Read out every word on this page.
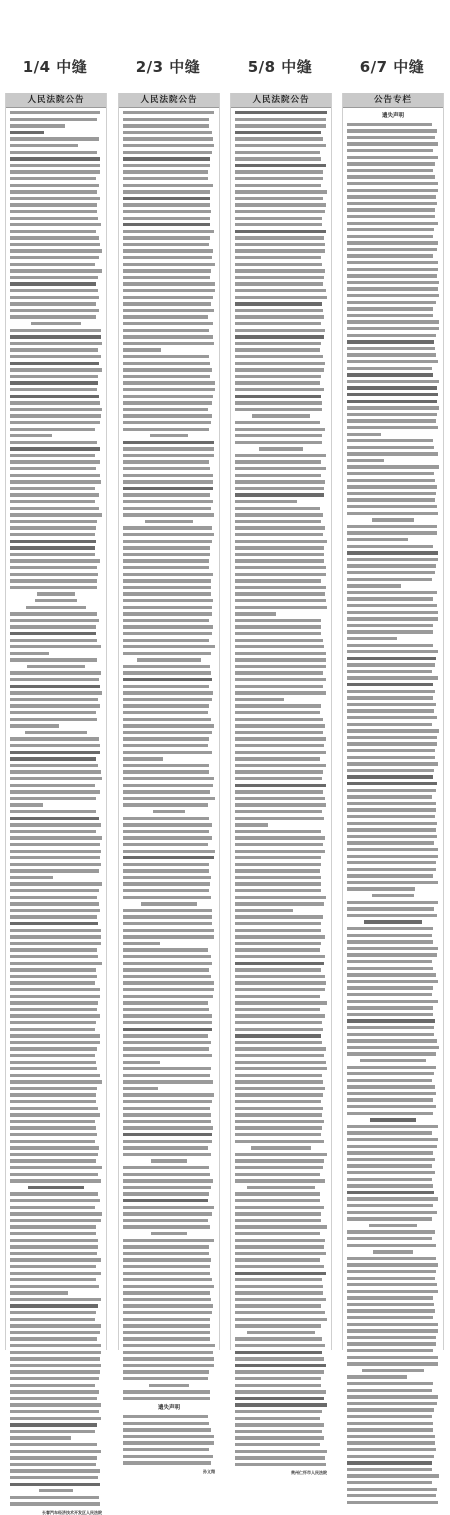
1/4 中缝	2/3 中缝	5/8 中缝	6/7 中缝
人民法院公告
长春汽车经济技术开发区人民法院
人民法院公告
遗失声明
孙义翔
人民法院公告
贵州仁怀市人民法院
公告专栏
遗失声明
